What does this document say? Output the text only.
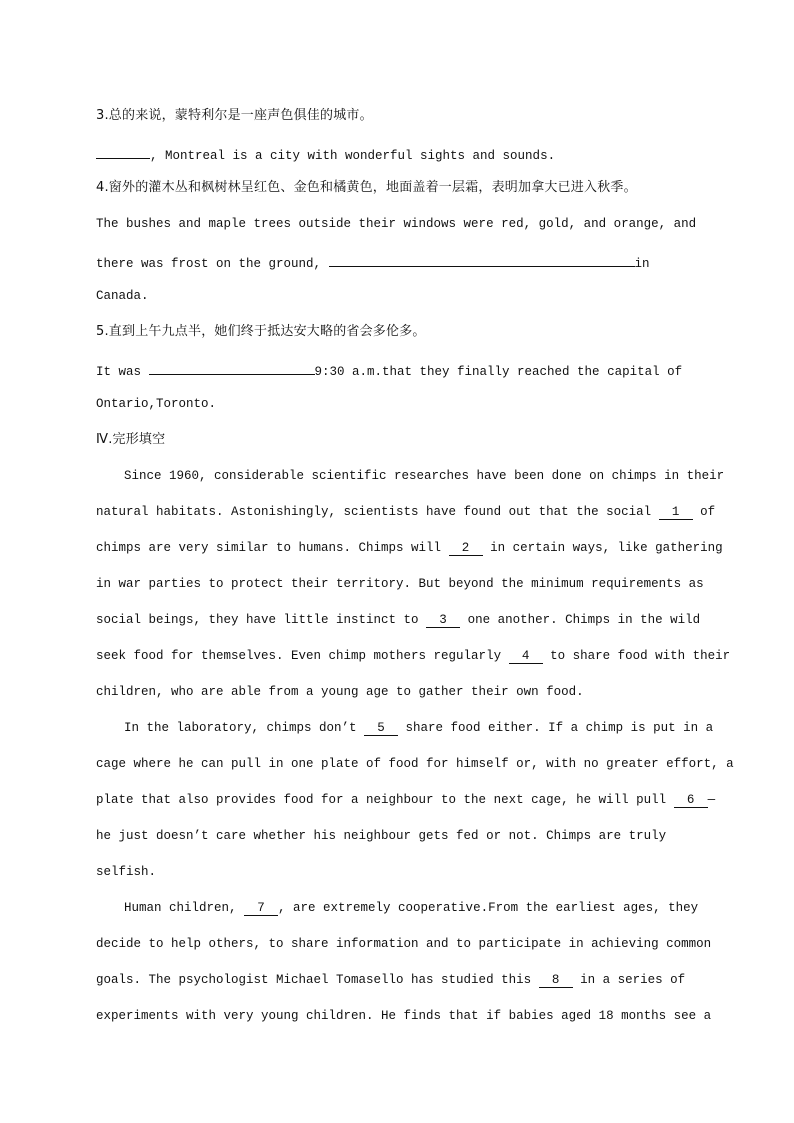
3.总的来说，蒙特利尔是一座声色俱佳的城市。
, Montreal is a city with wonderful sights and sounds.
4.窗外的灌木丛和枫树林呈红色、金色和橘黄色，地面盖着一层霜，表明加拿大已进入秋季。
The bushes and maple trees outside their windows were red, gold, and orange, and
there was frost on the ground,	in
Canada.
5.直到上午九点半，她们终于抵达安大略的省会多伦多。
It was	9:30 a.m.that they finally reached the capital of
Ontario,Toronto.
Ⅳ.完形填空
Since 1960, considerable scientific researches have been done on chimps in their
natural habitats. Astonishingly, scientists have found out that the social 1 of
chimps are very similar to humans. Chimps will 2 in certain ways, like gathering
in war parties to protect their territory. But beyond the minimum requirements as
social beings, they have little instinct to 3 one another. Chimps in the wild
seek food for themselves. Even chimp mothers regularly 4 to share food with their
children, who are able from a young age to gather their own food.
In the laboratory, chimps don’t 5 share food either. If a chimp is put in a
cage where he can pull in one plate of food for himself or, with no greater effort, a
plate that also provides food for a neighbour to the next cage, he will pull 6 —
he just doesn’t care whether his neighbour gets fed or not. Chimps are truly
selfish.
Human children, 7 , are extremely cooperative.From the earliest ages, they
decide to help others, to share information and to participate in achieving common
goals. The psychologist Michael Tomasello has studied this 8 in a series of
experiments with very young children. He finds that if babies aged 18 months see a
